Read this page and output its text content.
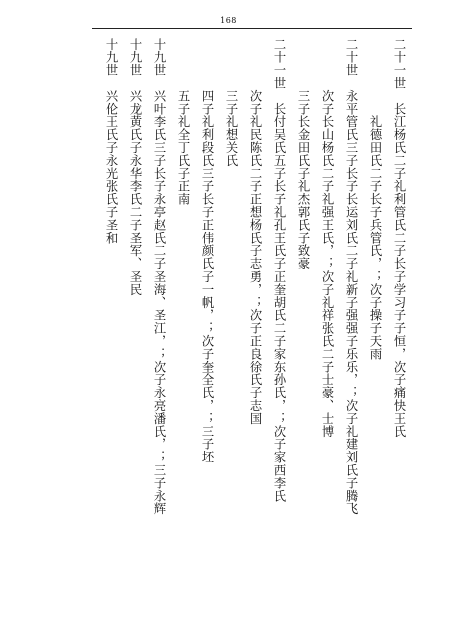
168
二十一世　长江杨氏二子礼利管氏二子长子学习子子恒，次子痛快王氏
　　　　　　礼德田氏二子长子兵管氏，；次子操子天雨
二十世　永平管氏三子长子长运刘氏二子礼新子强强子乐乐，；次子礼建刘氏子腾飞
　　　　次子长山杨氏二子礼强王氏，；次子礼祥张氏二子士豪、士博
　　　　三子长金田氏子礼杰郭氏子致豪
二十一世　长付吴氏五子长子礼孔王氏子正奎胡氏二子家东孙氏，；次子家西李氏
　　　　次子礼民陈氏二子正想杨氏子志勇，；次子正良徐氏子志国
　　　　三子礼想关氏
　　　　四子礼利段氏三子长子正伟颜氏子一帆，；次子奎全氏，；三子坯
　　　　五子礼全丁氏子正南
十九世　兴叶李氏三子长子永亭赵氏二子圣海、圣江，；次子永亮潘氏，；三子永辉
十九世　兴龙黄氏子永华李氏二子圣军、圣民
十九世　兴伦王氏子永光张氏子圣和
